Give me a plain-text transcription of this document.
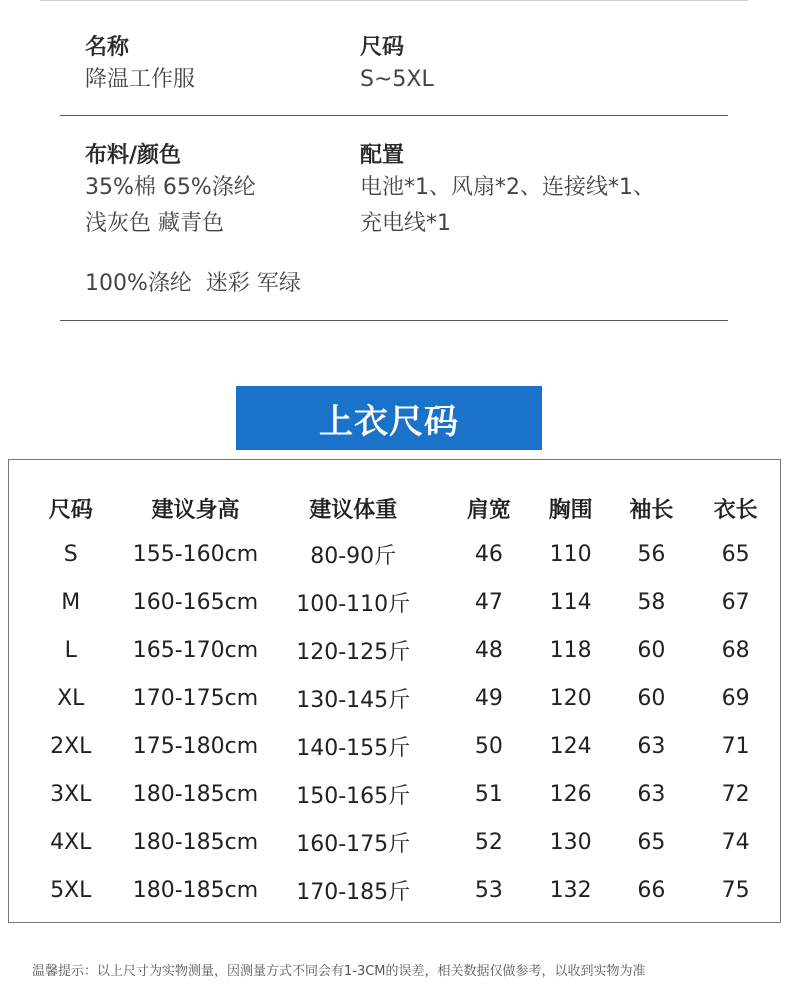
名称
降温工作服
尺码
S~5XL
布料/颜色
35%棉 65%涤纶
浅灰色 藏青色
配置
电池*1、风扇*2、连接线*1、
充电线*1
100%涤纶  迷彩 军绿
上衣尺码
尺码	建议身高	建议体重	肩宽	胸围	袖长	衣长
S	155-160cm	80-90斤	46	110	56	65
M	160-165cm	100-110斤	47	114	58	67
L	165-170cm	120-125斤	48	118	60	68
XL	170-175cm	130-145斤	49	120	60	69
2XL	175-180cm	140-155斤	50	124	63	71
3XL	180-185cm	150-165斤	51	126	63	72
4XL	180-185cm	160-175斤	52	130	65	74
5XL	180-185cm	170-185斤	53	132	66	75
温馨提示：以上尺寸为实物测量，因测量方式不同会有1-3CM的误差，相关数据仅做参考，以收到实物为准
